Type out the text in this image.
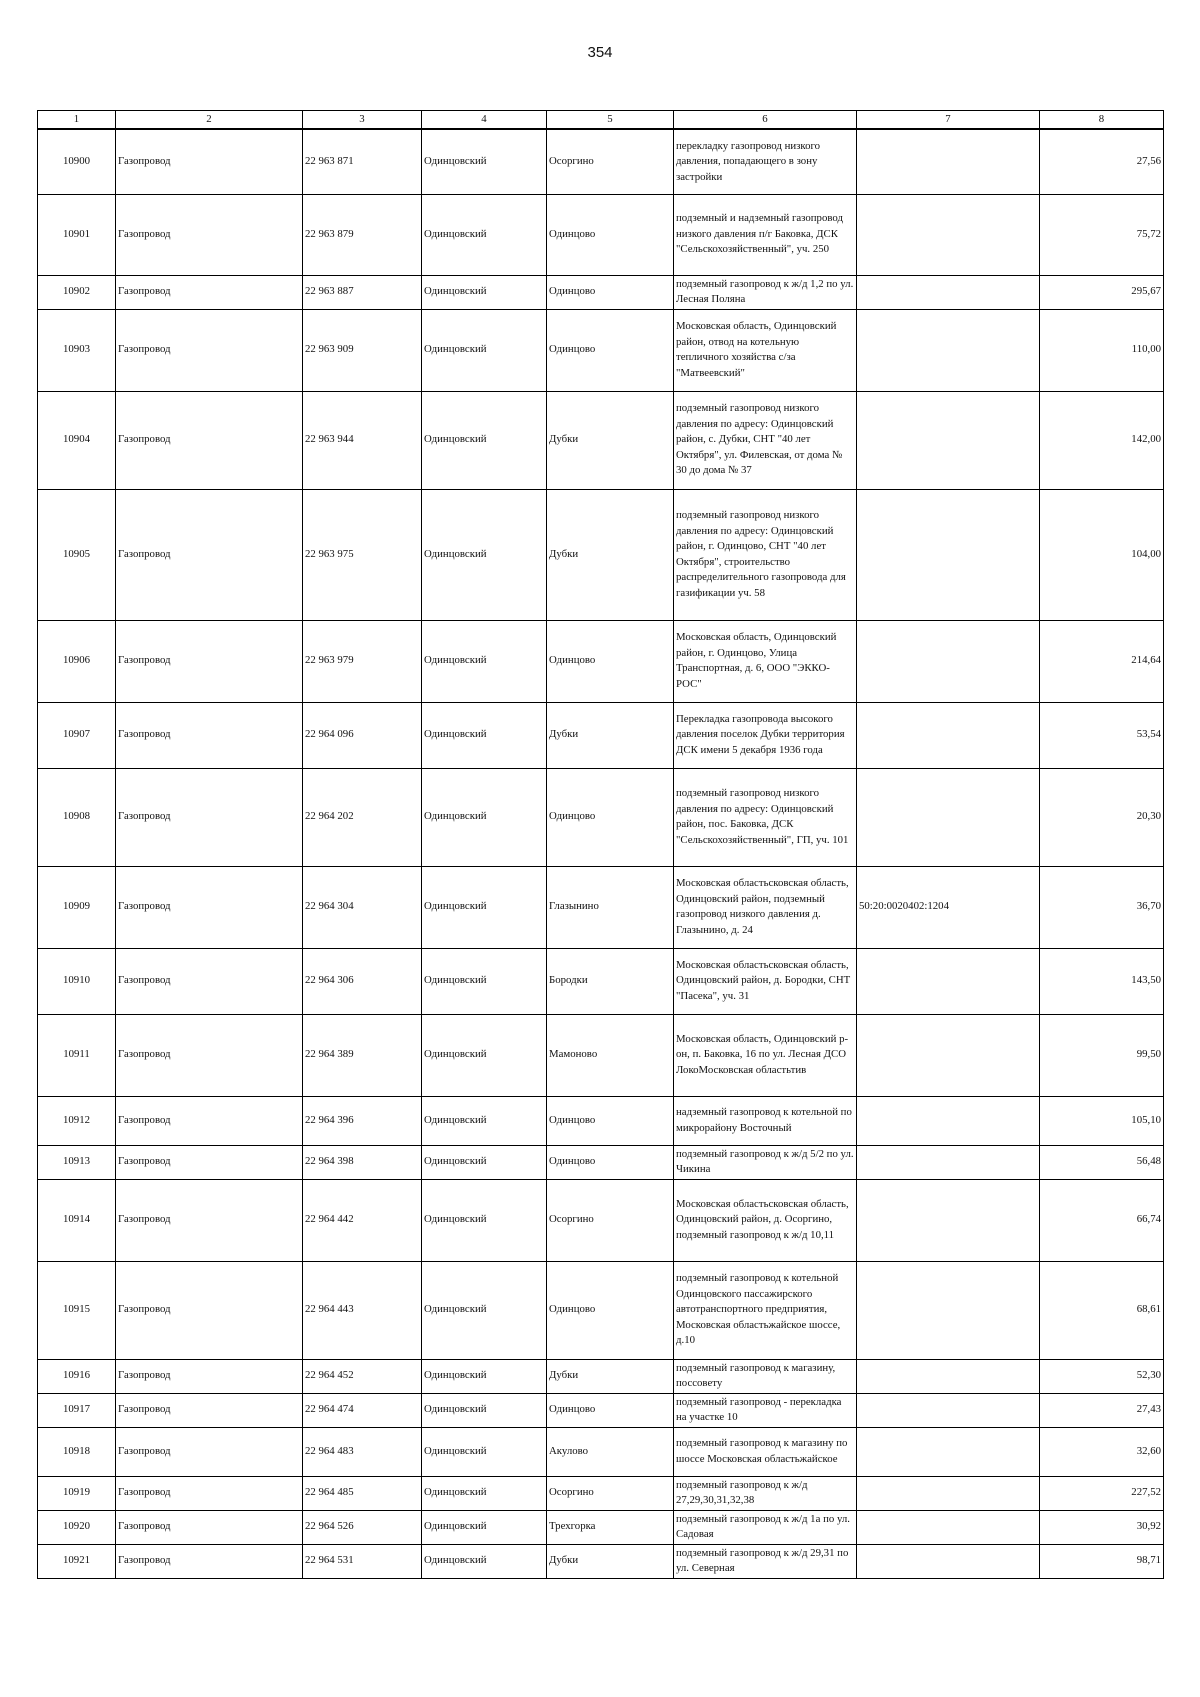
354
1	2	3	4	5	6	7	8
10900	Газопровод	22 963 871	Одинцовский	Осоргино	перекладку газопровод низкого давления, попадающего в зону застройки		27,56
10901	Газопровод	22 963 879	Одинцовский	Одинцово	подземный и надземный газопровод низкого давления п/г Баковка, ДСК "Сельскохозяйственный", уч. 250		75,72
10902	Газопровод	22 963 887	Одинцовский	Одинцово	подземный газопровод к ж/д 1,2 по ул. Лесная Поляна		295,67
10903	Газопровод	22 963 909	Одинцовский	Одинцово	Московская область, Одинцовский район, отвод на котельную тепличного хозяйства с/за "Матвеевский"		110,00
10904	Газопровод	22 963 944	Одинцовский	Дубки	подземный газопровод низкого давления по адресу: Одинцовский район, с. Дубки, СНТ "40 лет Октября", ул. Филевская, от дома № 30 до дома № 37		142,00
10905	Газопровод	22 963 975	Одинцовский	Дубки	подземный газопровод низкого давления по адресу: Одинцовский район, г. Одинцово, СНТ "40 лет Октября", строительство распределительного газопровода для газификации уч. 58		104,00
10906	Газопровод	22 963 979	Одинцовский	Одинцово	Московская область, Одинцовский район, г. Одинцово, Улица Транспортная, д. 6, ООО "ЭККО-РОС"		214,64
10907	Газопровод	22 964 096	Одинцовский	Дубки	Перекладка газопровода высокого давления поселок Дубки территория ДСК имени 5 декабря 1936 года		53,54
10908	Газопровод	22 964 202	Одинцовский	Одинцово	подземный газопровод низкого давления по адресу: Одинцовский район, пос. Баковка, ДСК "Сельскохозяйственный", ГП, уч. 101		20,30
10909	Газопровод	22 964 304	Одинцовский	Глазынино	Московская областьсковская область, Одинцовский район, подземный газопровод низкого давления д. Глазынино, д. 24	50:20:0020402:1204	36,70
10910	Газопровод	22 964 306	Одинцовский	Бородки	Московская областьсковская область, Одинцовский район, д. Бородки, СНТ "Пасека", уч. 31		143,50
10911	Газопровод	22 964 389	Одинцовский	Мамоново	Московская область, Одинцовский р-он, п. Баковка, 16 по ул. Лесная ДСО ЛокоМосковская областьтив		99,50
10912	Газопровод	22 964 396	Одинцовский	Одинцово	надземный газопровод к котельной по микрорайону Восточный		105,10
10913	Газопровод	22 964 398	Одинцовский	Одинцово	подземный газопровод к ж/д 5/2 по ул. Чикина		56,48
10914	Газопровод	22 964 442	Одинцовский	Осоргино	Московская областьсковская область, Одинцовский район, д. Осоргино, подземный газопровод к ж/д 10,11		66,74
10915	Газопровод	22 964 443	Одинцовский	Одинцово	подземный газопровод к котельной Одинцовского пассажирского автотранспортного предприятия, Московская областьжайское шоссе, д.10		68,61
10916	Газопровод	22 964 452	Одинцовский	Дубки	подземный газопровод к магазину, поссовету		52,30
10917	Газопровод	22 964 474	Одинцовский	Одинцово	подземный газопровод - перекладка на участке 10		27,43
10918	Газопровод	22 964 483	Одинцовский	Акулово	подземный газопровод к магазину по шоссе Московская областьжайское		32,60
10919	Газопровод	22 964 485	Одинцовский	Осоргино	подземный газопровод к ж/д 27,29,30,31,32,38		227,52
10920	Газопровод	22 964 526	Одинцовский	Трехгорка	подземный газопровод к ж/д 1а по ул. Садовая		30,92
10921	Газопровод	22 964 531	Одинцовский	Дубки	подземный газопровод к ж/д 29,31 по ул. Северная		98,71
